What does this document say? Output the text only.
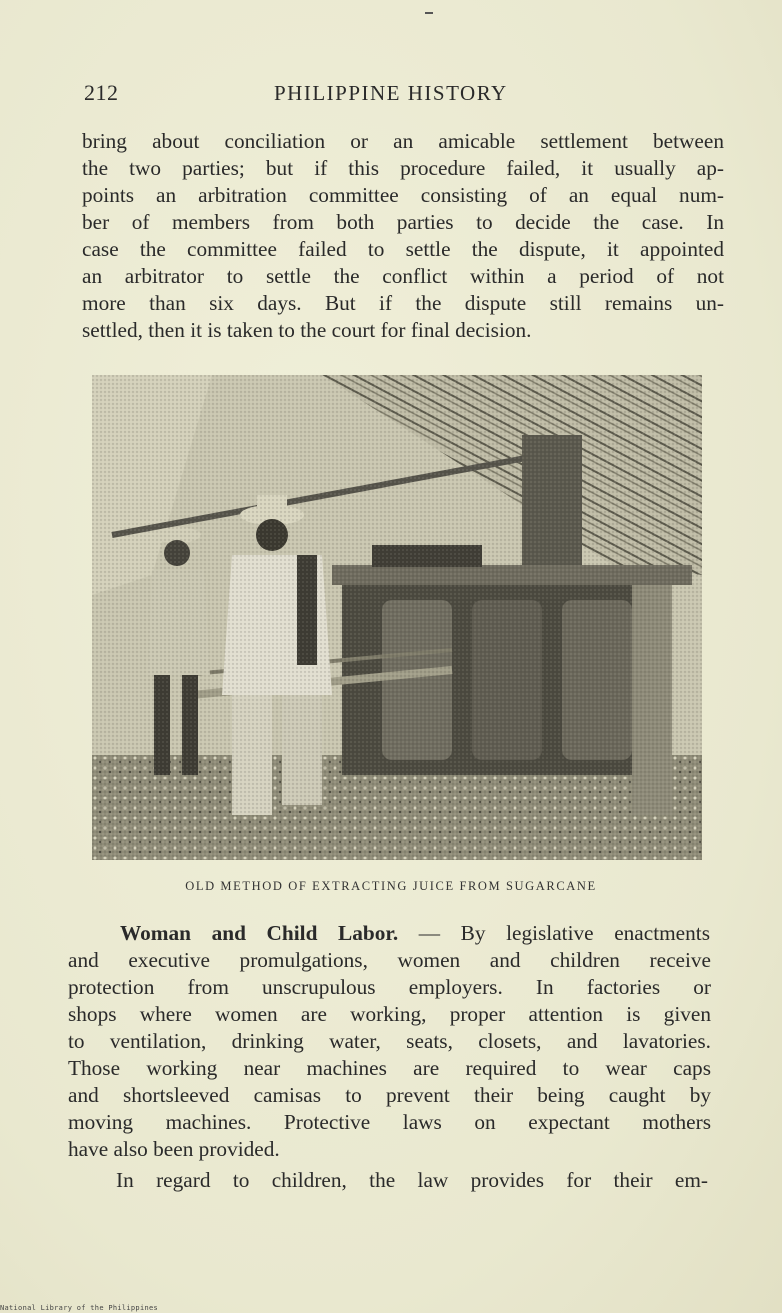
212	PHILIPPINE HISTORY
bring about conciliation or an amicable settlement between
the two parties; but if this procedure failed, it usually ap-
points an arbitration committee consisting of an equal num-
ber of members from both parties to decide the case. In
case the committee failed to settle the dispute, it appointed
an arbitrator to settle the conflict within a period of not
more than six days. But if the dispute still remains un-
settled, then it is taken to the court for final decision.
OLD METHOD OF EXTRACTING JUICE FROM SUGARCANE
Woman and Child Labor. — By legislative enactments
and executive promulgations, women and children receive
protection from unscrupulous employers. In factories or
shops where women are working, proper attention is given
to ventilation, drinking water, seats, closets, and lavatories.
Those working near machines are required to wear caps
and shortsleeved camisas to prevent their being caught by
moving machines. Protective laws on expectant mothers
have also been provided.
In regard to children, the law provides for their em-
National Library of the Philippines
